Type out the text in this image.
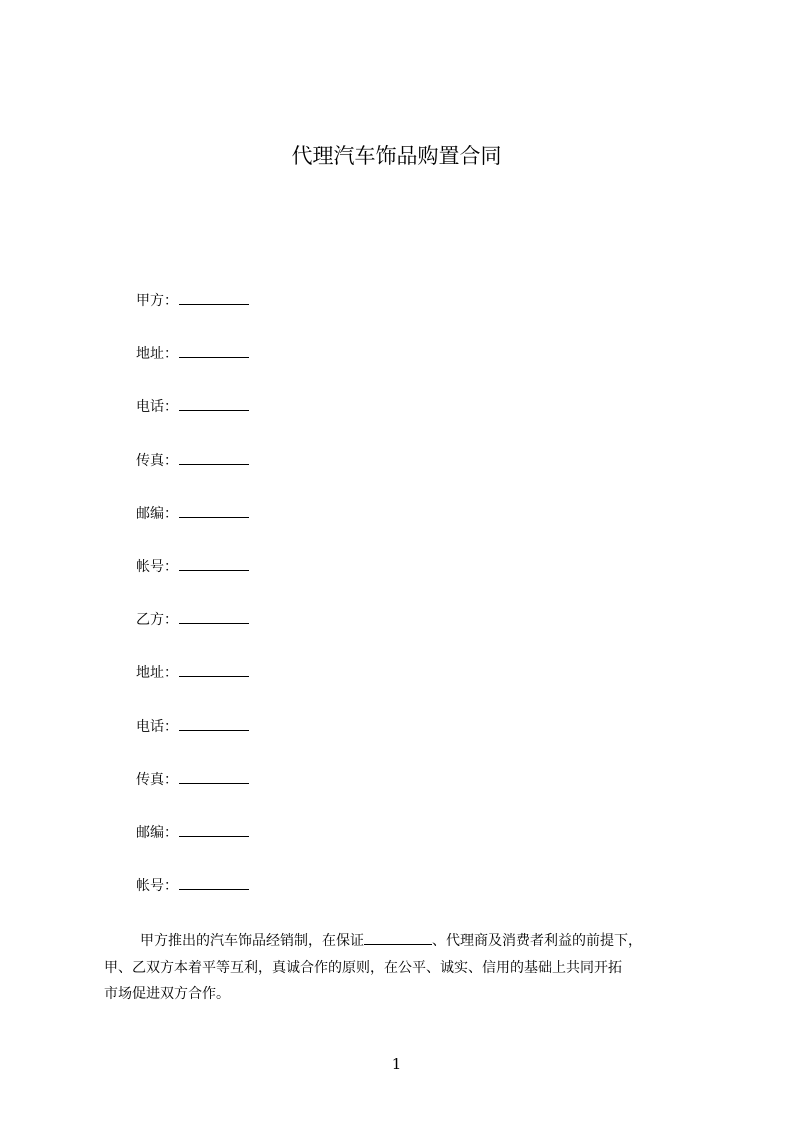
代理汽车饰品购置合同
甲方：
地址：
电话：
传真：
邮编：
帐号：
乙方：
地址：
电话：
传真：
邮编：
帐号：

甲方推出的汽车饰品经销制，在保证	、代理商及消费者利益的前提下，
甲、乙双方本着平等互利，真诚合作的原则，在公平、诚实、信用的基础上共同开拓
市场促进双方合作。

1
